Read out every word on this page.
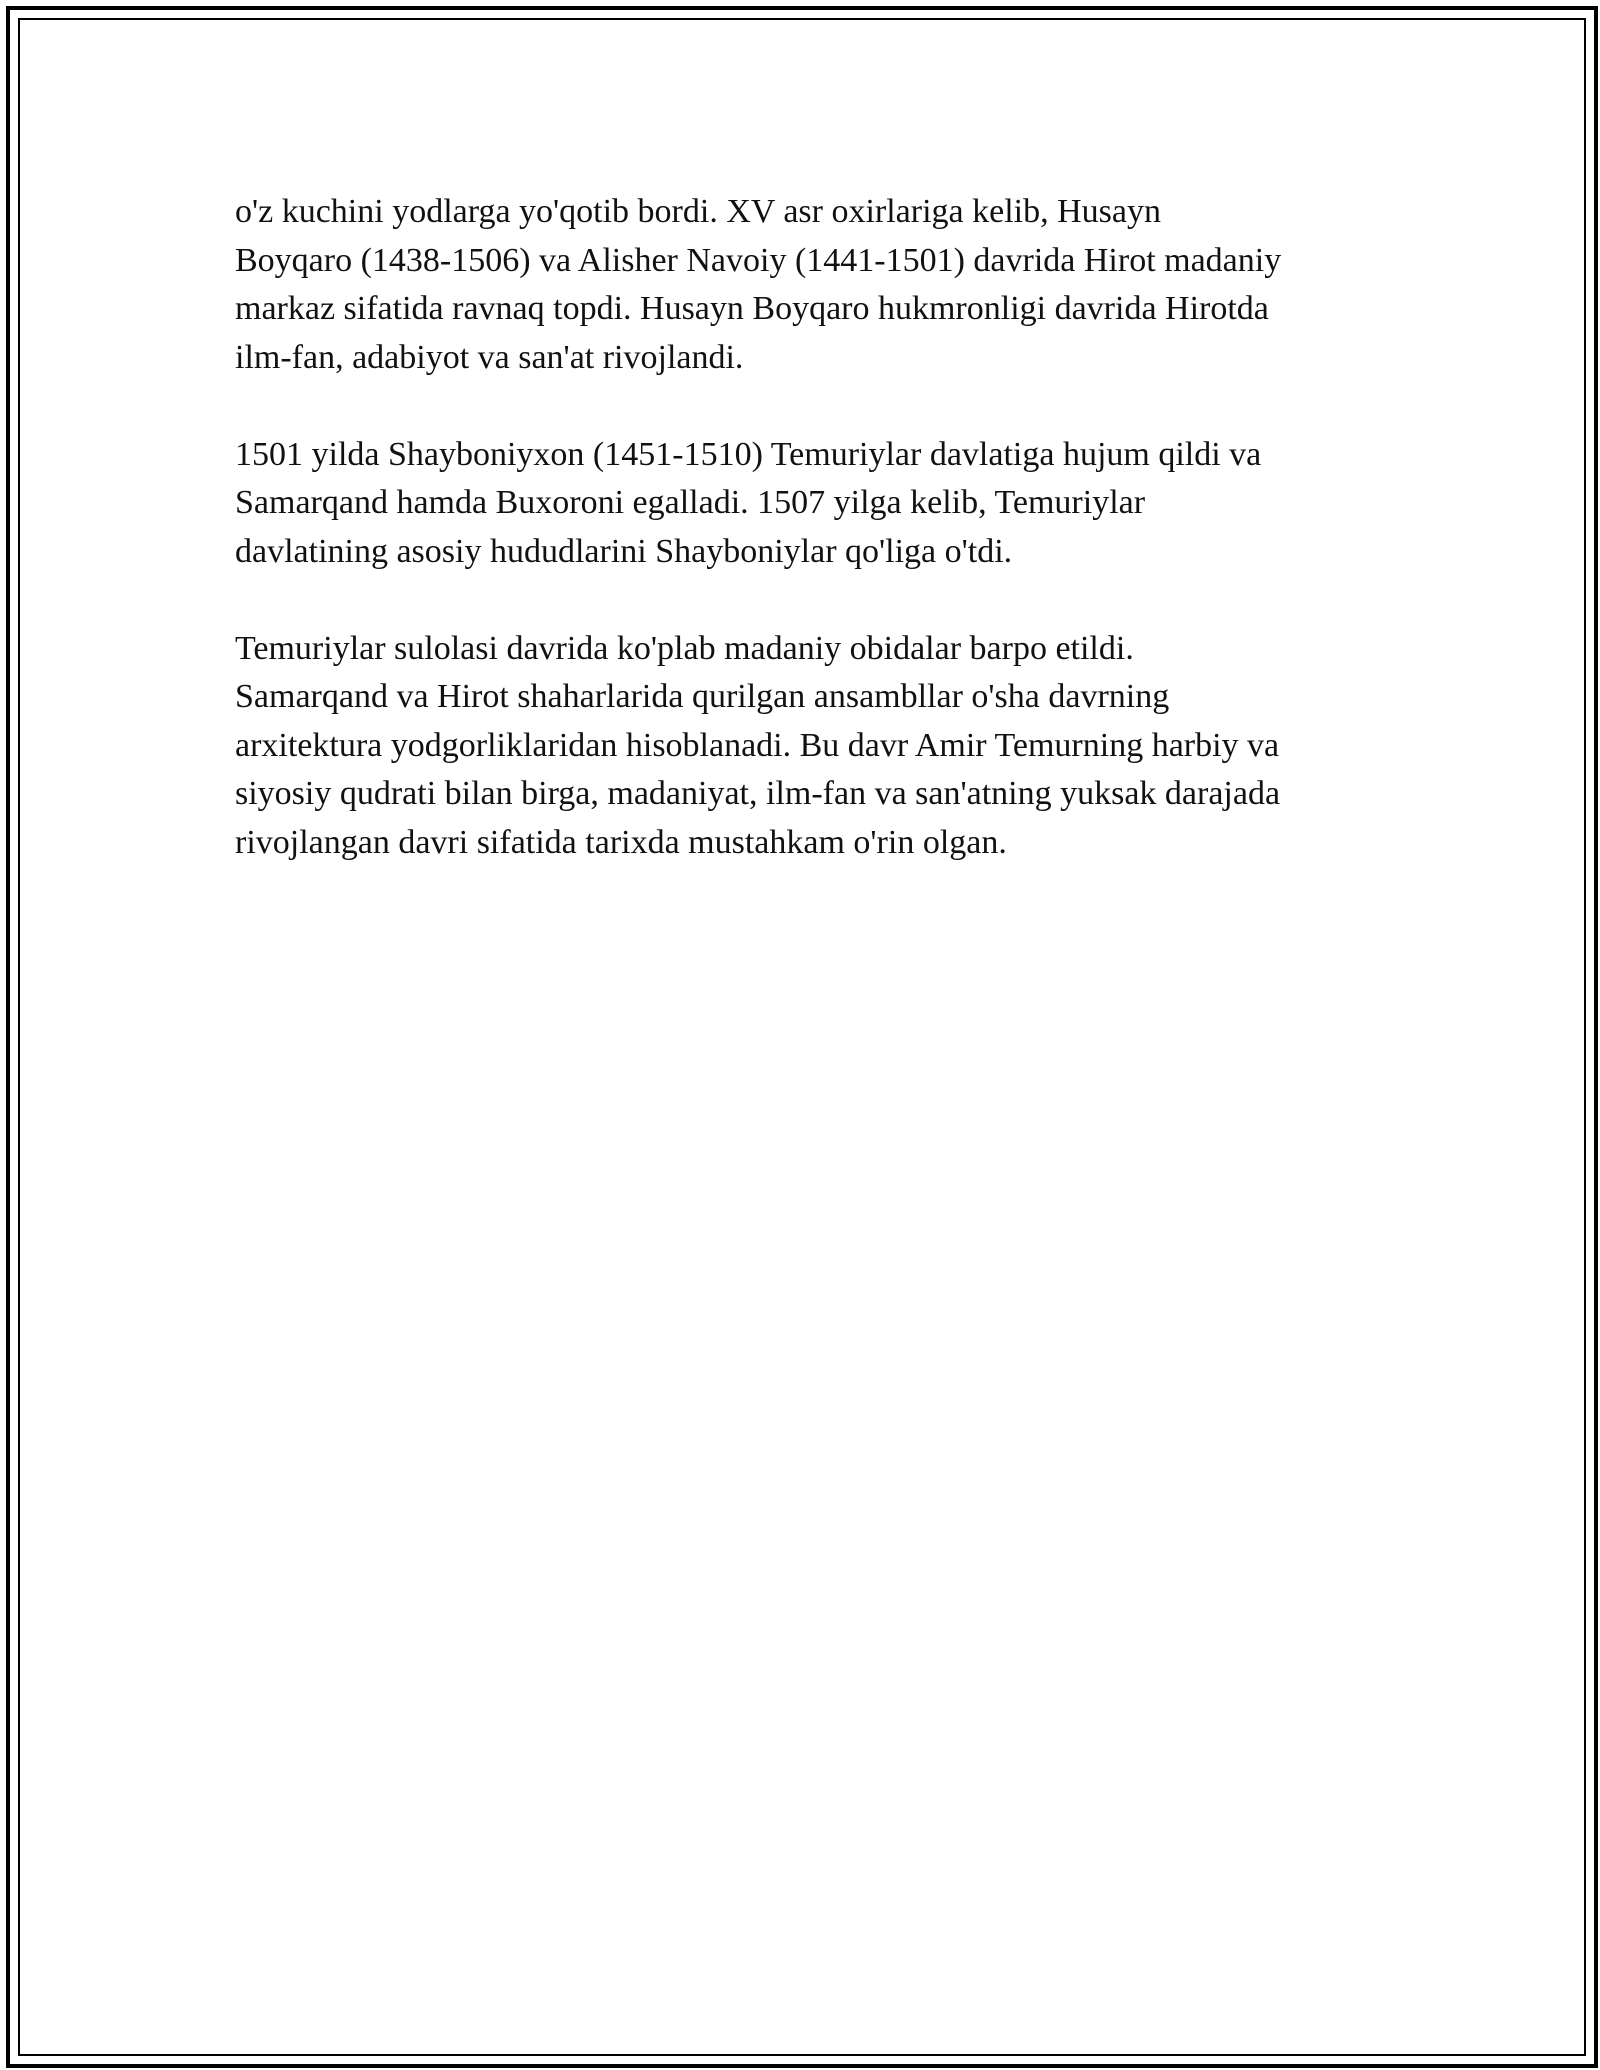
o'z kuchini yodlarga yo'qotib bordi. XV asr oxirlariga kelib, Husayn
Boyqaro (1438-1506) va Alisher Navoiy (1441-1501) davrida Hirot madaniy
markaz sifatida ravnaq topdi. Husayn Boyqaro hukmronligi davrida Hirotda
ilm-fan, adabiyot va san'at rivojlandi.

1501 yilda Shayboniyxon (1451-1510) Temuriylar davlatiga hujum qildi va
Samarqand hamda Buxoroni egalladi. 1507 yilga kelib, Temuriylar
davlatining asosiy hududlarini Shayboniylar qo'liga o'tdi.

Temuriylar sulolasi davrida ko'plab madaniy obidalar barpo etildi.
Samarqand va Hirot shaharlarida qurilgan ansambllar o'sha davrning
arxitektura yodgorliklaridan hisoblanadi. Bu davr Amir Temurning harbiy va
siyosiy qudrati bilan birga, madaniyat, ilm-fan va san'atning yuksak darajada
rivojlangan davri sifatida tarixda mustahkam o'rin olgan.
